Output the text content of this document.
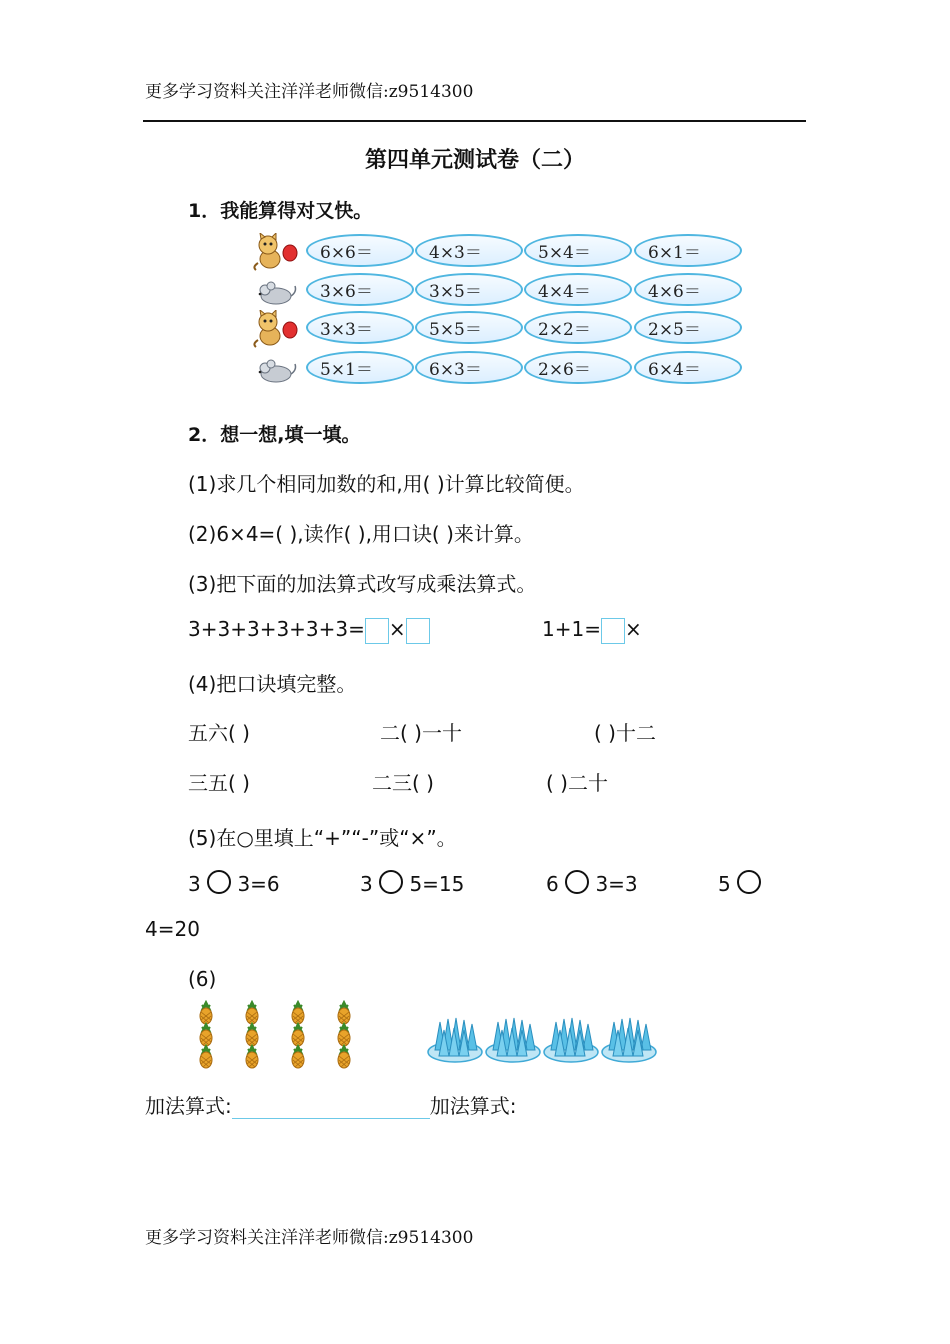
更多学习资料关注洋洋老师微信:z9514300
第四单元测试卷（二）
1．我能算得对又快。
6×6＝	4×3＝	5×4＝	6×1＝
3×6＝	3×5＝	4×4＝	4×6＝
3×3＝	5×5＝	2×2＝	2×5＝
5×1＝	6×3＝	2×6＝	6×4＝
2．想一想,填一填。
(1)求几个相同加数的和,用( )计算比较简便。
(2)6×4=( ),读作( ),用口诀( )来计算。
(3)把下面的加法算式改写成乘法算式。
3+3+3+3+3+3= ×	1+1= ×
(4)把口诀填完整。
五六( )	二( )一十	( )十二
三五( )	二三( )	( )二十
(5)在○里填上“+”“-”或“×”。
3 3=6	3 5=15	6 3=3	5
4=20
(6)
加法算式:	加法算式:
更多学习资料关注洋洋老师微信:z9514300
